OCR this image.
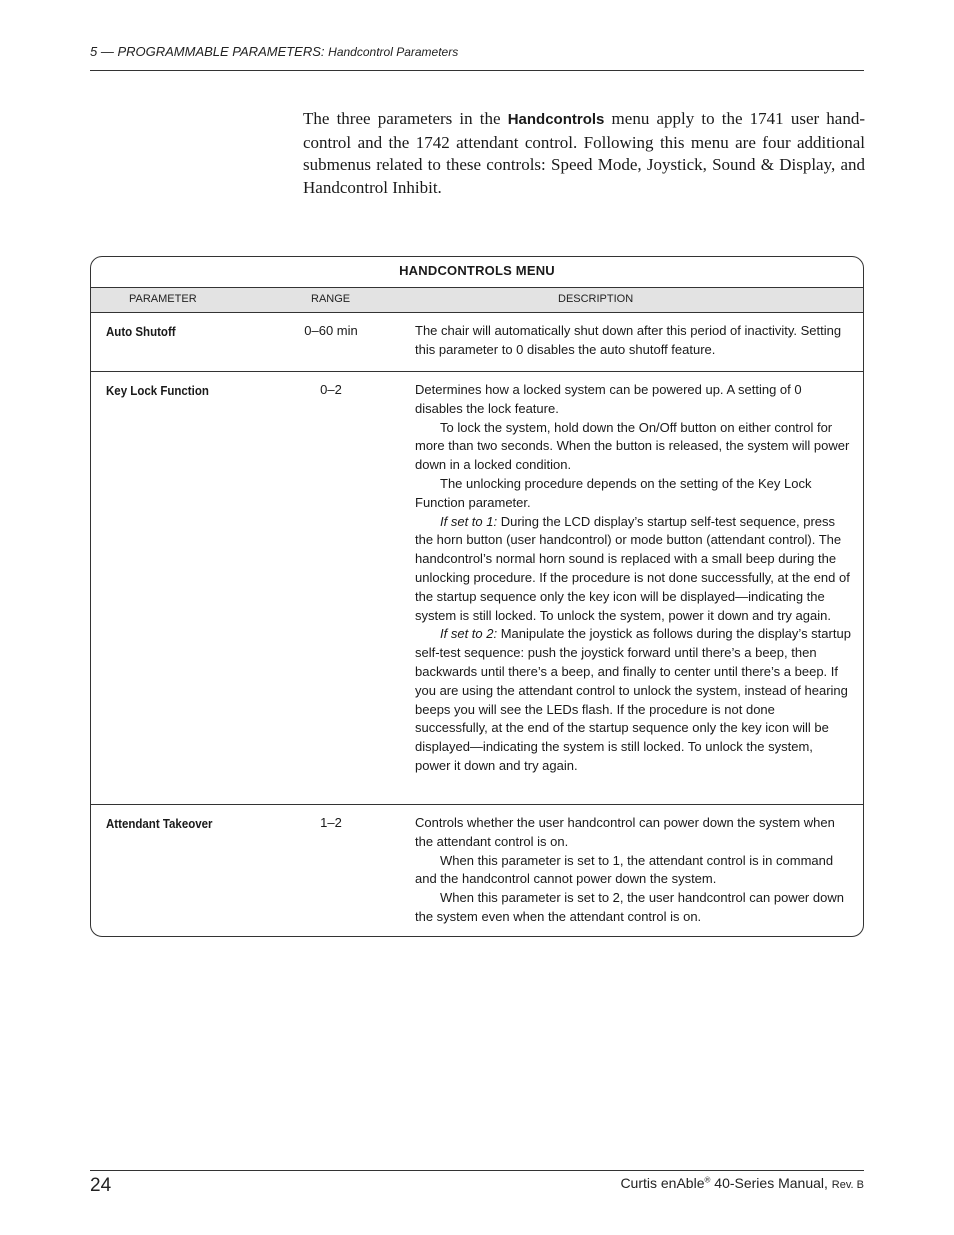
5 — PROGRAMMABLE PARAMETERS: Handcontrol Parameters
The three parameters in the Handcontrols menu apply to the 1741 user hand-control and the 1742 attendant control. Following this menu are four additional submenus related to these controls: Speed Mode, Joystick, Sound & Display, and Handcontrol Inhibit.
HANDCONTROLS MENU
PARAMETER	RANGE	DESCRIPTION
Auto Shutoff	0–60 min	The chair will automatically shut down after this period of inactivity. Setting this parameter to 0 disables the auto shutoff feature.

Key Lock Function	0–2	Determines how a locked system can be powered up. A setting of 0 disables the lock feature.

To lock the system, hold down the On/Off button on either control for more than two seconds. When the button is released, the system will power down in a locked condition.

The unlocking procedure depends on the setting of the Key Lock Function parameter.

If set to 1: During the LCD display’s startup self-test sequence, press the horn button (user handcontrol) or mode button (attendant control). The handcontrol’s normal horn sound is replaced with a small beep during the unlocking procedure. If the procedure is not done successfully, at the end of the startup sequence only the key icon will be displayed—indicating the system is still locked. To unlock the system, power it down and try again.

If set to 2: Manipulate the joystick as follows during the display’s startup self-test sequence: push the joystick forward until there’s a beep, then backwards until there’s a beep, and finally to center until there’s a beep. If you are using the attendant control to unlock the system, instead of hearing beeps you will see the LEDs flash. If the procedure is not done successfully, at the end of the startup sequence only the key icon will be displayed—indicating the system is still locked. To unlock the system, power it down and try again.

Attendant Takeover	1–2	Controls whether the user handcontrol can power down the system when the attendant control is on.

When this parameter is set to 1, the attendant control is in command and the handcontrol cannot power down the system.

When this parameter is set to 2, the user handcontrol can power down the system even when the attendant control is on.

24	Curtis enAble® 40-Series Manual, Rev. B
